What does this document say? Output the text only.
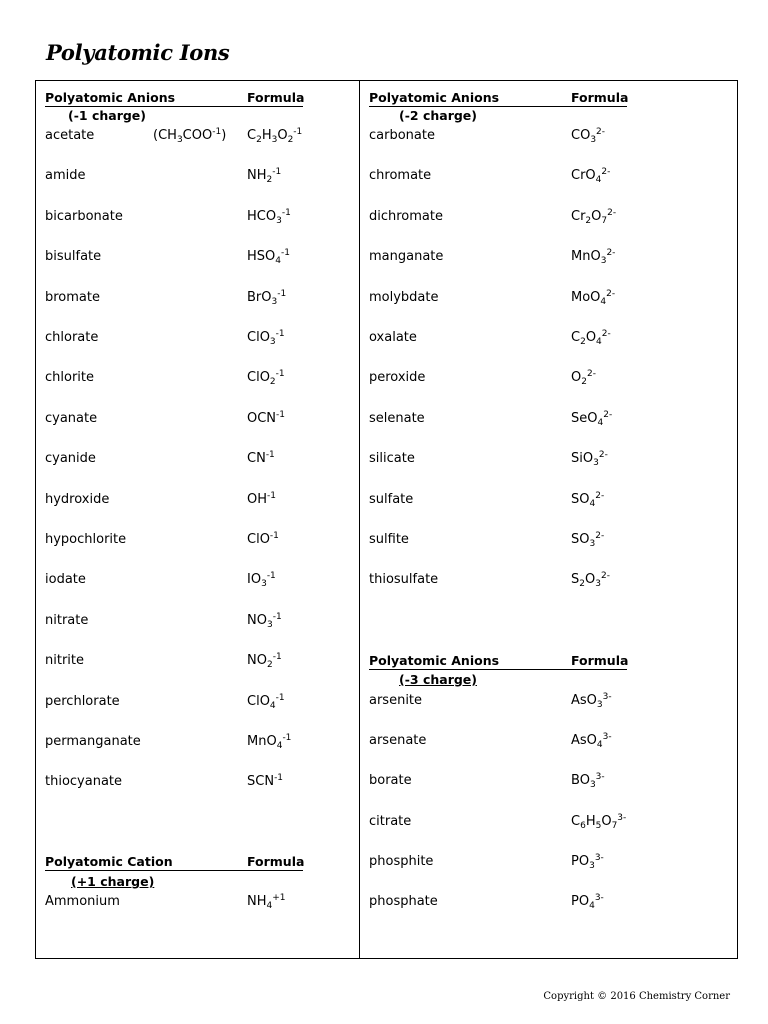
Polyatomic Ions
Polyatomic Anions	Formula
(-1 charge)
Polyatomic Cation	Formula
(+1 charge)
acetate	$(CH_3COO^{-1})$ $C_2H_3O_2^{-1}$
amide	$NH_2^{-1}$
bicarbonate	$HCO_3^{-1}$
bisulfate	$HSO_4^{-1}$
bromate	BrO$_3^{-1}$
chlorate	ClO$_3^{-1}$
chlorite	ClO$_2^{-1}$
cyanate	$OCN^{-1}$
cyanide	$CN^{-1}$
hydroxide	$OH^{-1}$
hypochlorite	ClO$^{-1}$
iodate	$IO_3^{-1}$
nitrate	$NO_3^{-1}$
nitrite	$NO_2^{-1}$
perchlorate	ClO$_4^{-1}$
permanganate	MnO$_4^{-1}$
thiocyanate	$SCN^{-1}$
Ammonium	$NH_4^{+1}$
Polyatomic Anions	Formula
(-2 charge)
Polyatomic Anions	Formula
(-3 charge)
carbonate	$CO_3^{2-}$
chromate	CrO$_4^{2-}$
dichromate	$Cr_2O_7^{2-}$
manganate	MnO$_3^{2-}$
molybdate	MoO$_4^{2-}$
oxalate	$C_2O_4^{2-}$
peroxide	$O_2^{2-}$
selenate	SeO$_4^{2-}$
silicate	SiO$_3^{2-}$
sulfate	$SO_4^{2-}$
sulfite	$SO_3^{2-}$
thiosulfate	$S_2O_3^{2-}$
arsenite	AsO$_3^{3-}$
arsenate	AsO$_4^{3-}$
borate	$BO_3^{3-}$
citrate	$C_6H_5O_7^{3-}$
phosphite	$PO_3^{3-}$
phosphate	$PO_4^{3-}$
Copyright © 2016 Chemistry Corner
